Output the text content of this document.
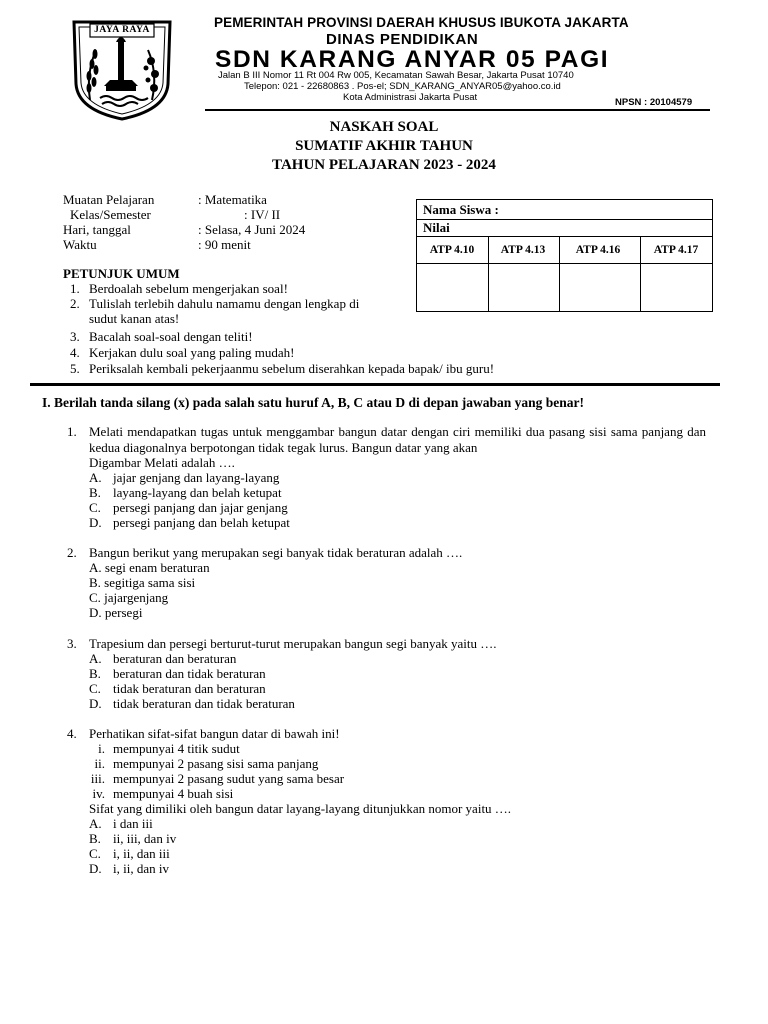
JAYA RAYA	PEMERINTAH PROVINSI DAERAH KHUSUS IBUKOTA JAKARTA
DINAS PENDIDIKAN
SDN KARANG ANYAR 05 PAGI
Jalan B III Nomor 11 Rt 004 Rw 005, Kecamatan Sawah Besar, Jakarta Pusat 10740
Telepon: 021 - 22680863 . Pos-el; SDN_KARANG_ANYAR05@yahoo.co.id
Kota Administrasi Jakarta Pusat	NPSN : 20104579
NASKAH SOAL
SUMATIF AKHIR TAHUN
TAHUN PELAJARAN 2023 - 2024
Muatan Pelajaran	: Matematika
Kelas/Semester	: IV/ II
Hari, tanggal	: Selasa, 4 Juni 2024
Waktu	: 90 menit
Nama Siswa :
Nilai
ATP 4.10	ATP 4.13	ATP 4.16	ATP 4.17
PETUNJUK UMUM
1. Berdoalah sebelum mengerjakan soal!
2. Tulislah terlebih dahulu namamu dengan lengkap di
sudut kanan atas!
3. Bacalah soal-soal dengan teliti!
4. Kerjakan dulu soal yang paling mudah!
5. Periksalah kembali pekerjaanmu sebelum diserahkan kepada bapak/ ibu guru!
I. Berilah tanda silang (x) pada salah satu huruf A, B, C atau D di depan jawaban yang benar!
1. Melati mendapatkan tugas untuk menggambar bangun datar dengan ciri memiliki dua pasang sisi sama panjang dan kedua diagonalnya berpotongan tidak tegak lurus. Bangun datar yang akan
Digambar Melati adalah ….
A. jajar genjang dan layang-layang
B. layang-layang dan belah ketupat
C. persegi panjang dan jajar genjang
D. persegi panjang dan belah ketupat
2. Bangun berikut yang merupakan segi banyak tidak beraturan adalah ….
A. segi enam beraturan
B. segitiga sama sisi
C. jajargenjang
D. persegi
3. Trapesium dan persegi berturut-turut merupakan bangun segi banyak yaitu ….
A. beraturan dan beraturan
B. beraturan dan tidak beraturan
C. tidak beraturan dan beraturan
D. tidak beraturan dan tidak beraturan
4. Perhatikan sifat-sifat bangun datar di bawah ini!
i. mempunyai 4 titik sudut
ii. mempunyai 2 pasang sisi sama panjang
iii. mempunyai 2 pasang sudut yang sama besar
iv. mempunyai 4 buah sisi
Sifat yang dimiliki oleh bangun datar layang-layang ditunjukkan nomor yaitu ….
A. i dan iii
B. ii, iii, dan iv
C. i, ii, dan iii
D. i, ii, dan iv
